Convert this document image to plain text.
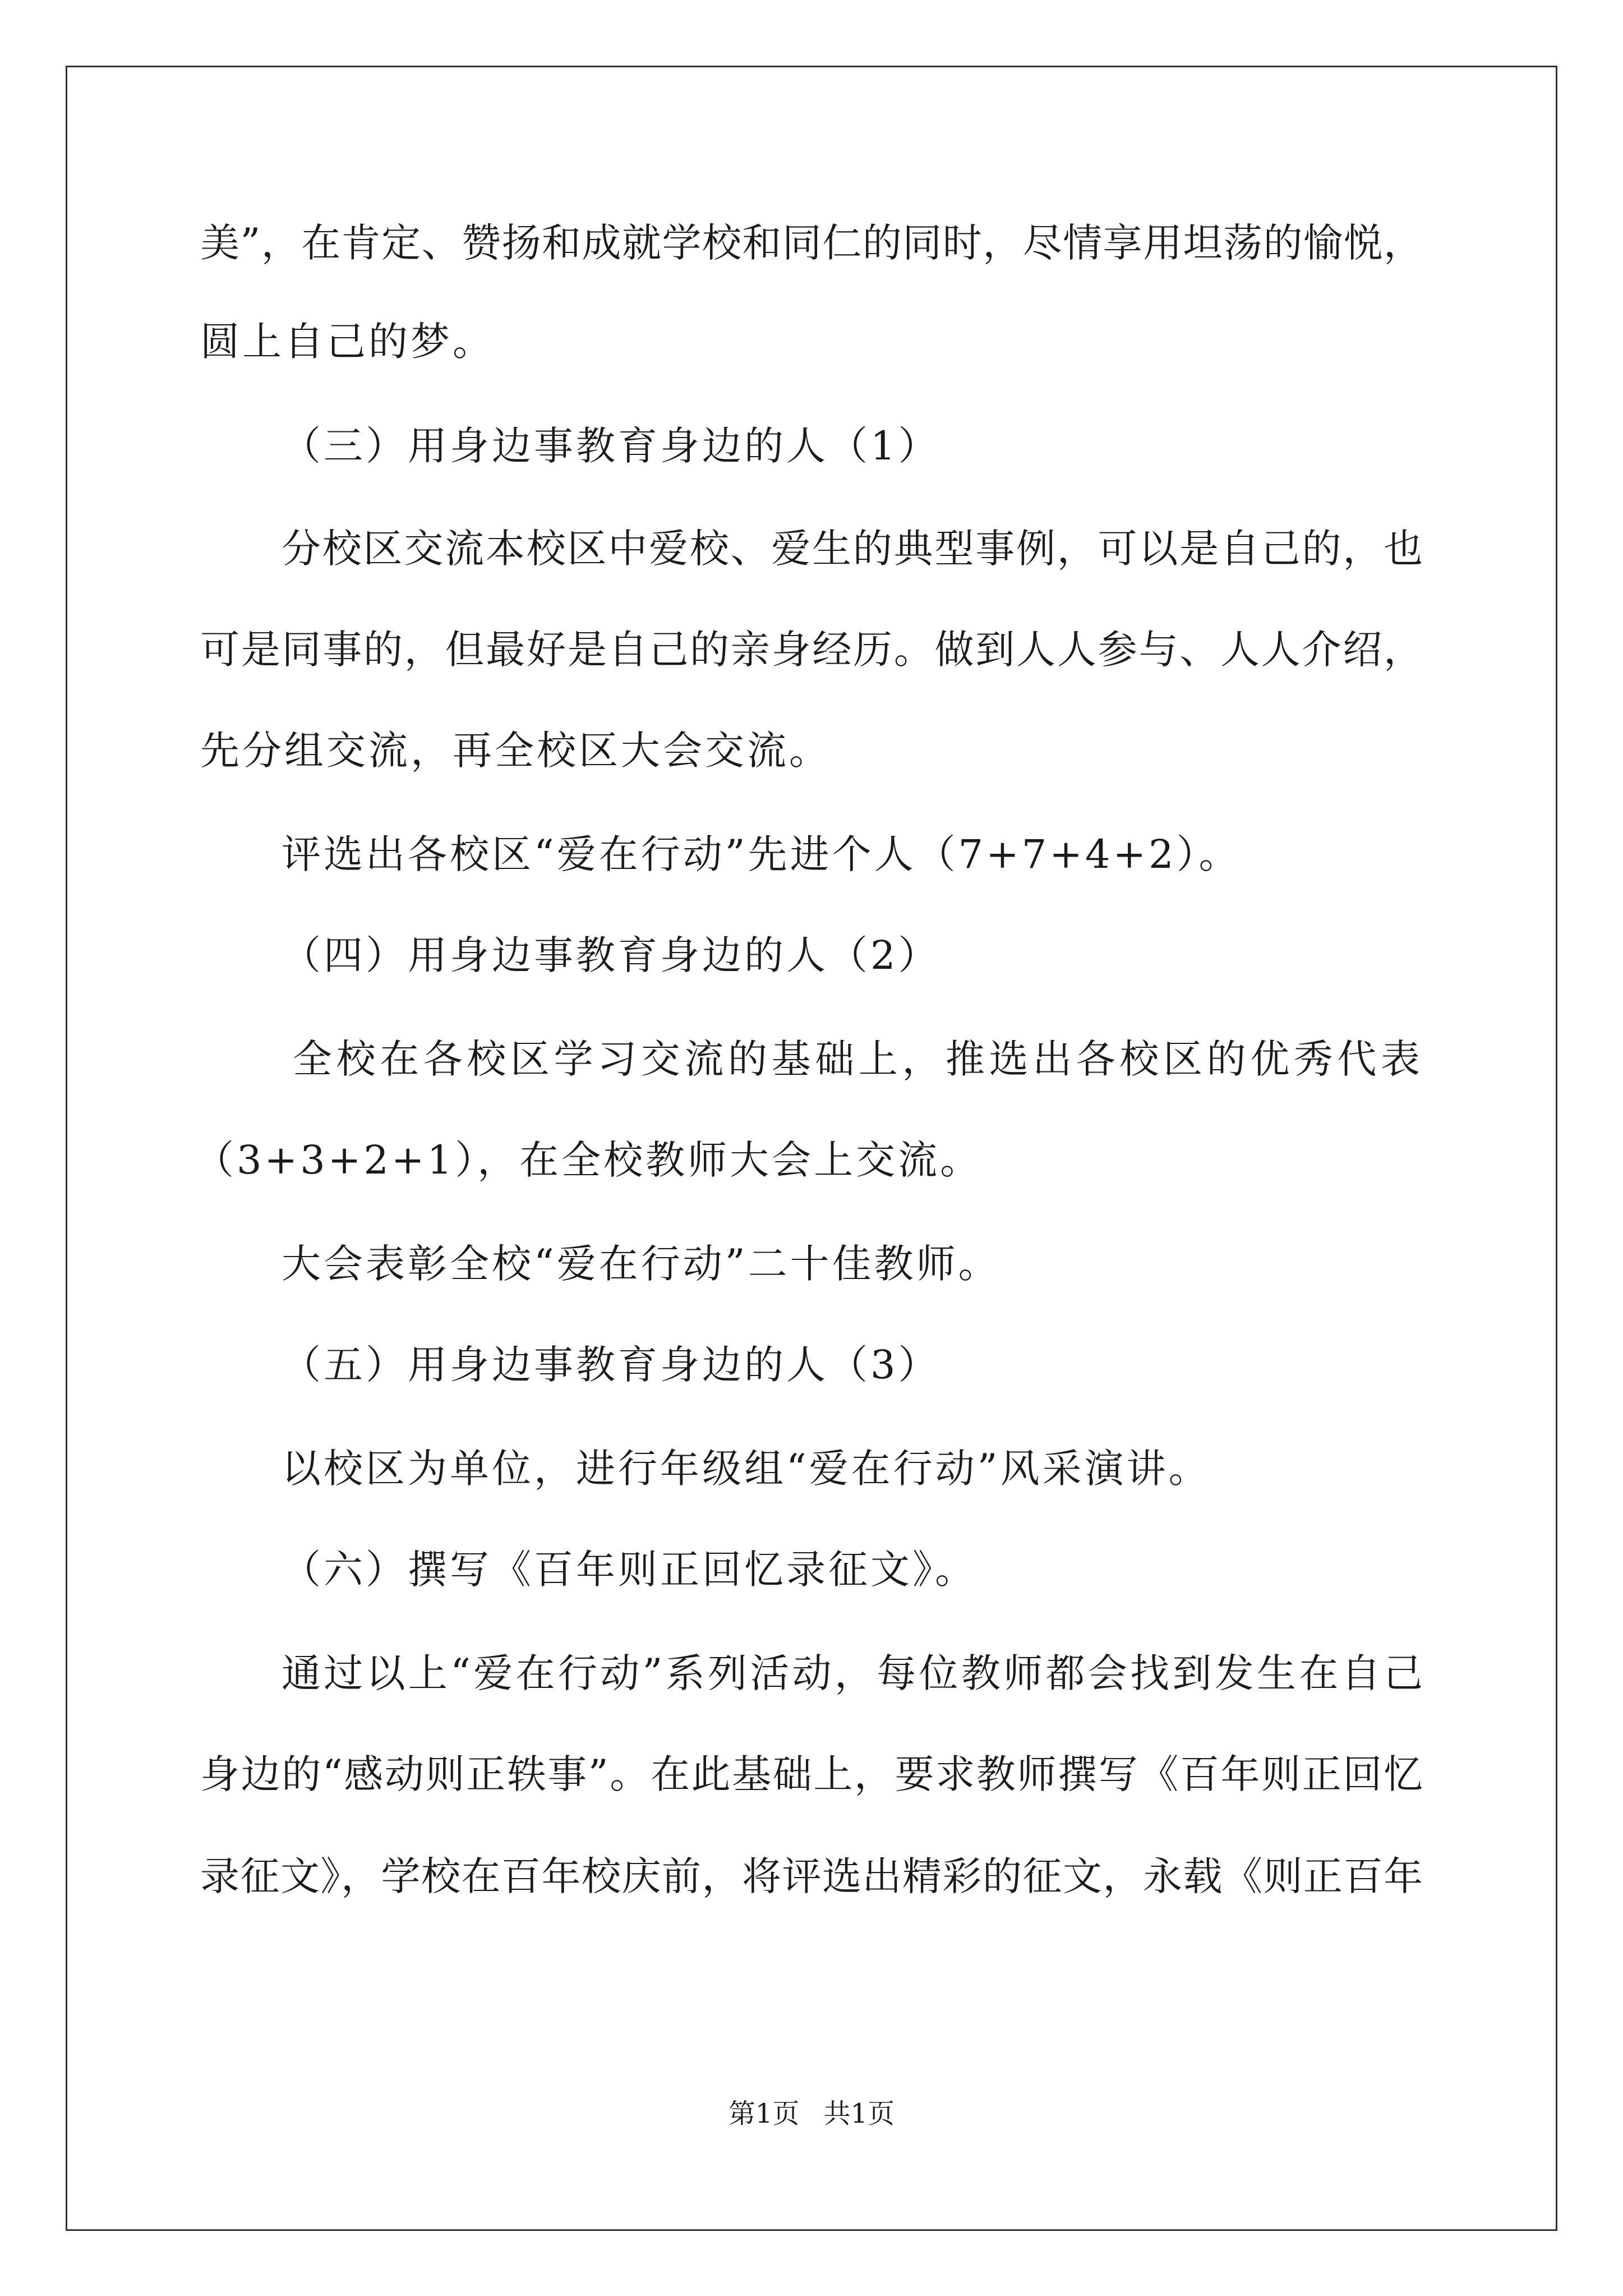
美”，在肯定、赞扬和成就学校和同仁的同时，尽情享用坦荡的愉悦，
圆上自己的梦。
（三）用身边事教育身边的人（1）
分校区交流本校区中爱校、爱生的典型事例，可以是自己的，也
可是同事的，但最好是自己的亲身经历。做到人人参与、人人介绍，
先分组交流，再全校区大会交流。
评选出各校区“爱在行动”先进个人（7+7+4+2）。
（四）用身边事教育身边的人（2）
全校在各校区学习交流的基础上，推选出各校区的优秀代表
（3+3+2+1），在全校教师大会上交流。
大会表彰全校“爱在行动”二十佳教师。
（五）用身边事教育身边的人（3）
以校区为单位，进行年级组“爱在行动”风采演讲。
（六）撰写《百年则正回忆录征文》。
通过以上“爱在行动”系列活动，每位教师都会找到发生在自己
身边的“感动则正轶事”。在此基础上，要求教师撰写《百年则正回忆
录征文》，学校在百年校庆前，将评选出精彩的征文，永载《则正百年
第1页 共1页
